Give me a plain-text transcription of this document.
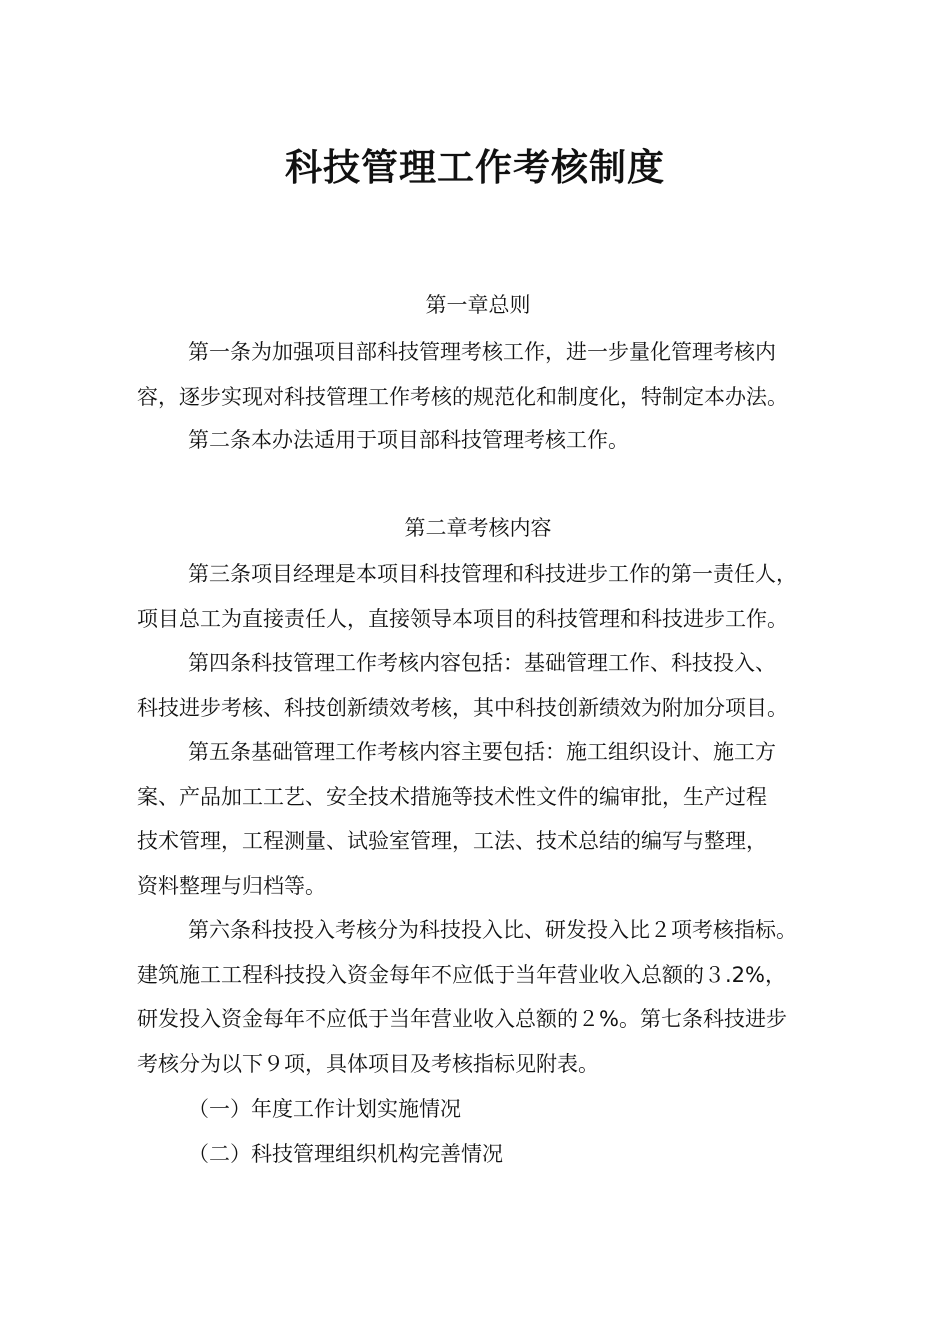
科技管理工作考核制度
第一章总则
第一条为加强项目部科技管理考核工作，进一步量化管理考核内
容，逐步实现对科技管理工作考核的规范化和制度化，特制定本办法。
第二条本办法适用于项目部科技管理考核工作。
第二章考核内容
第三条项目经理是本项目科技管理和科技进步工作的第一责任人，
项目总工为直接责任人，直接领导本项目的科技管理和科技进步工作。
第四条科技管理工作考核内容包括：基础管理工作、科技投入、
科技进步考核、科技创新绩效考核，其中科技创新绩效为附加分项目。
第五条基础管理工作考核内容主要包括：施工组织设计、施工方
案、产品加工工艺、安全技术措施等技术性文件的编审批，生产过程
技术管理，工程测量、试验室管理，工法、技术总结的编写与整理，
资料整理与归档等。
第六条科技投入考核分为科技投入比、研发投入比２项考核指标。
建筑施工工程科技投入资金每年不应低于当年营业收入总额的３.2%，
研发投入资金每年不应低于当年营业收入总额的２%。第七条科技进步
考核分为以下９项，具体项目及考核指标见附表。
（一）年度工作计划实施情况
（二）科技管理组织机构完善情况
